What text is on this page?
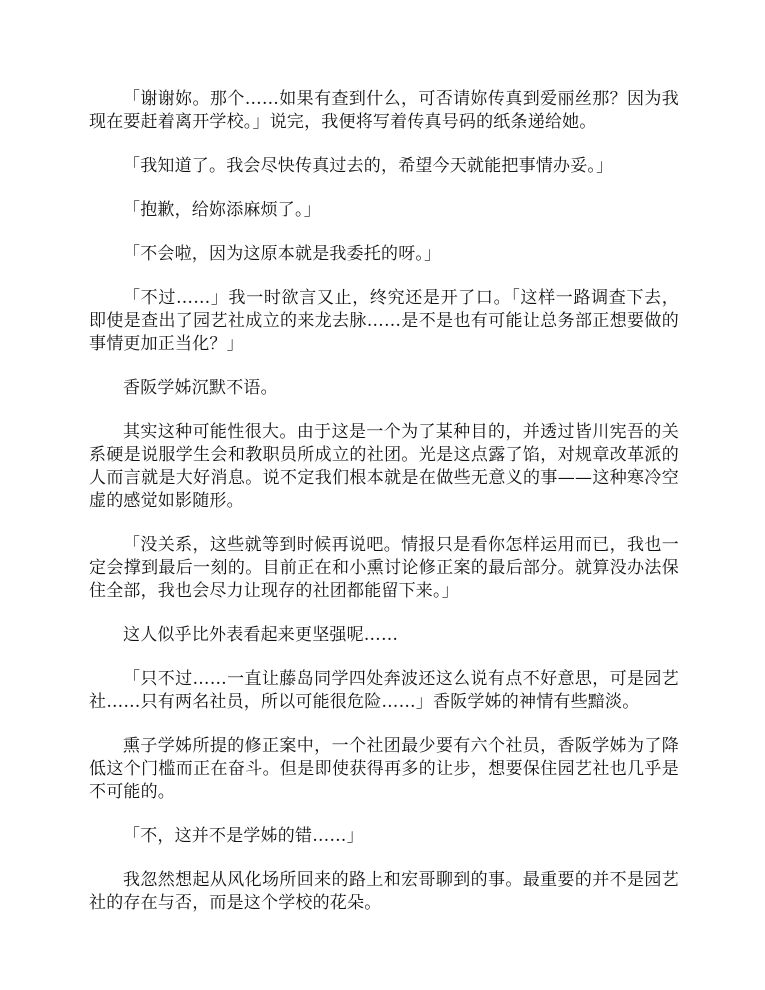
「谢谢妳。那个……如果有查到什么，可否请妳传真到爱丽丝那？因为我现在要赶着离开学校。」说完，我便将写着传真号码的纸条递给她。

「我知道了。我会尽快传真过去的，希望今天就能把事情办妥。」

「抱歉，给妳添麻烦了。」

「不会啦，因为这原本就是我委托的呀。」

「不过……」我一时欲言又止，终究还是开了口。「这样一路调查下去，即使是查出了园艺社成立的来龙去脉……是不是也有可能让总务部正想要做的事情更加正当化？」

香阪学姊沉默不语。

其实这种可能性很大。由于这是一个为了某种目的，并透过皆川宪吾的关系硬是说服学生会和教职员所成立的社团。光是这点露了馅，对规章改革派的人而言就是大好消息。说不定我们根本就是在做些无意义的事——这种寒冷空虚的感觉如影随形。

「没关系，这些就等到时候再说吧。情报只是看你怎样运用而已，我也一定会撑到最后一刻的。目前正在和小熏讨论修正案的最后部分。就算没办法保住全部，我也会尽力让现存的社团都能留下来。」

这人似乎比外表看起来更坚强呢……

「只不过……一直让藤岛同学四处奔波还这么说有点不好意思，可是园艺社……只有两名社员，所以可能很危险……」香阪学姊的神情有些黯淡。

熏子学姊所提的修正案中，一个社团最少要有六个社员，香阪学姊为了降低这个门槛而正在奋斗。但是即使获得再多的让步，想要保住园艺社也几乎是不可能的。

「不，这并不是学姊的错……」

我忽然想起从风化场所回来的路上和宏哥聊到的事。最重要的并不是园艺社的存在与否，而是这个学校的花朵。
